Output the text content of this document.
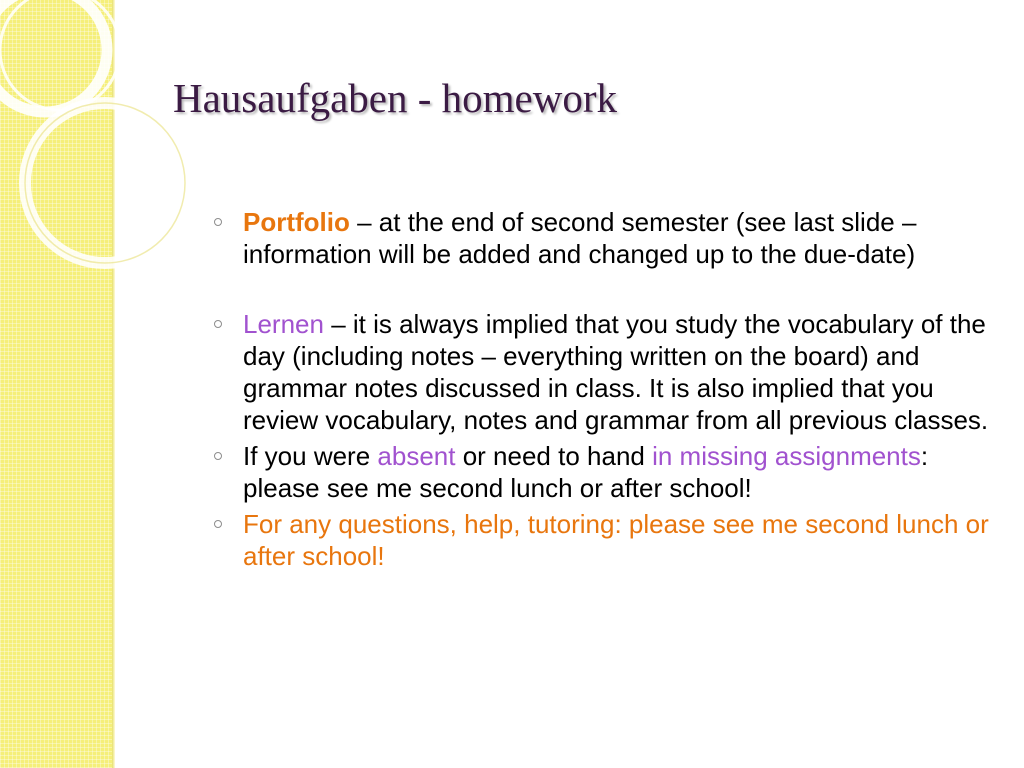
Hausaufgaben - homework
Portfolio – at the end of second semester (see last slide – information will be added and changed up to the due-date)
Lernen – it is always implied that you study the vocabulary of the day (including notes – everything written on the board) and grammar notes discussed in class. It is also implied that you review vocabulary, notes and grammar from all previous classes.
If you were absent or need to hand in missing assignments: please see me second lunch or after school!
For any questions, help, tutoring: please see me second lunch or after school!
